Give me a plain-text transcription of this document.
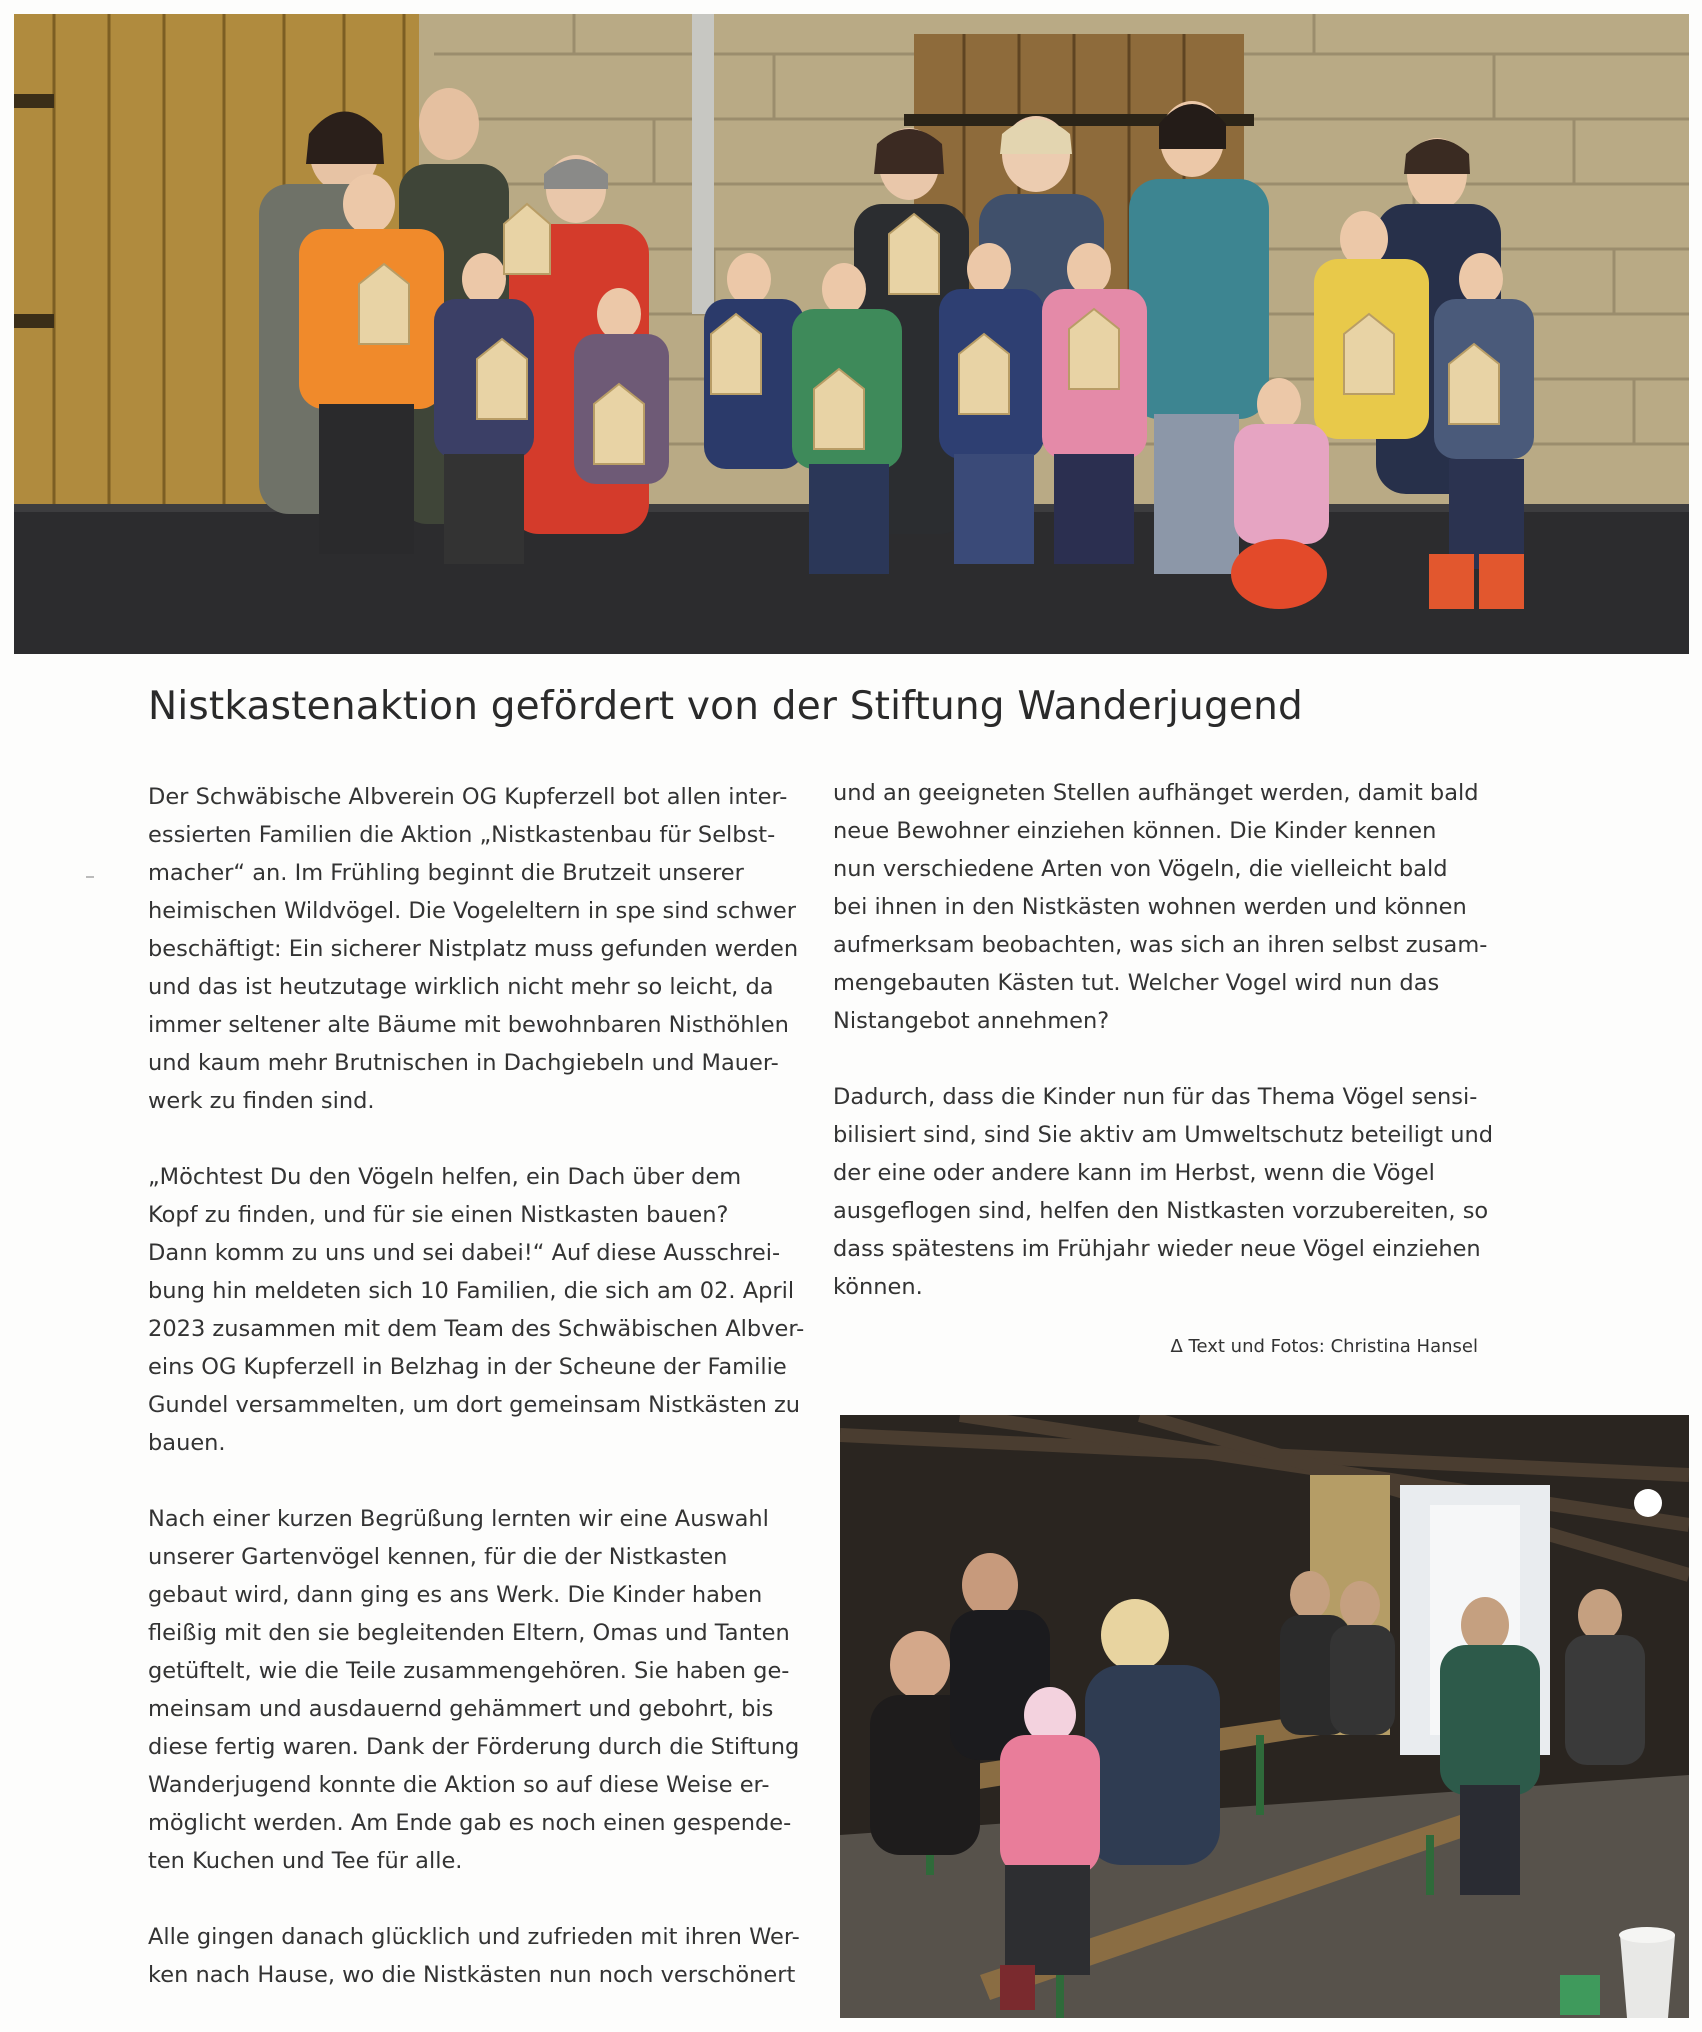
Nistkastenaktion gefördert von der Stiftung Wanderjugend

Der Schwäbische Albverein OG Kupferzell bot allen inter-
essierten Familien die Aktion „Nistkastenbau für Selbst-
macher“ an. Im Frühling beginnt die Brutzeit unserer
heimischen Wildvögel. Die Vogeleltern in spe sind schwer
beschäftigt: Ein sicherer Nistplatz muss gefunden werden
und das ist heutzutage wirklich nicht mehr so leicht, da
immer seltener alte Bäume mit bewohnbaren Nisthöhlen
und kaum mehr Brutnischen in Dachgiebeln und Mauer-
werk zu finden sind.

„Möchtest Du den Vögeln helfen, ein Dach über dem
Kopf zu finden, und für sie einen Nistkasten bauen?
Dann komm zu uns und sei dabei!“ Auf diese Ausschrei-
bung hin meldeten sich 10 Familien, die sich am 02. April
2023 zusammen mit dem Team des Schwäbischen Albver-
eins OG Kupferzell in Belzhag in der Scheune der Familie
Gundel versammelten, um dort gemeinsam Nistkästen zu
bauen.

Nach einer kurzen Begrüßung lernten wir eine Auswahl
unserer Gartenvögel kennen, für die der Nistkasten
gebaut wird, dann ging es ans Werk. Die Kinder haben
fleißig mit den sie begleitenden Eltern, Omas und Tanten
getüftelt, wie die Teile zusammengehören. Sie haben ge-
meinsam und ausdauernd gehämmert und gebohrt, bis
diese fertig waren. Dank der Förderung durch die Stiftung
Wanderjugend konnte die Aktion so auf diese Weise er-
möglicht werden. Am Ende gab es noch einen gespende-
ten Kuchen und Tee für alle.

Alle gingen danach glücklich und zufrieden mit ihren Wer-
ken nach Hause, wo die Nistkästen nun noch verschönert

und an geeigneten Stellen aufhänget werden, damit bald
neue Bewohner einziehen können. Die Kinder kennen
nun verschiedene Arten von Vögeln, die vielleicht bald
bei ihnen in den Nistkästen wohnen werden und können
aufmerksam beobachten, was sich an ihren selbst zusam-
mengebauten Kästen tut. Welcher Vogel wird nun das
Nistangebot annehmen?

Dadurch, dass die Kinder nun für das Thema Vögel sensi-
bilisiert sind, sind Sie aktiv am Umweltschutz beteiligt und
der eine oder andere kann im Herbst, wenn die Vögel
ausgeflogen sind, helfen den Nistkasten vorzubereiten, so
dass spätestens im Frühjahr wieder neue Vögel einziehen
können.

Δ Text und Fotos: Christina Hansel
